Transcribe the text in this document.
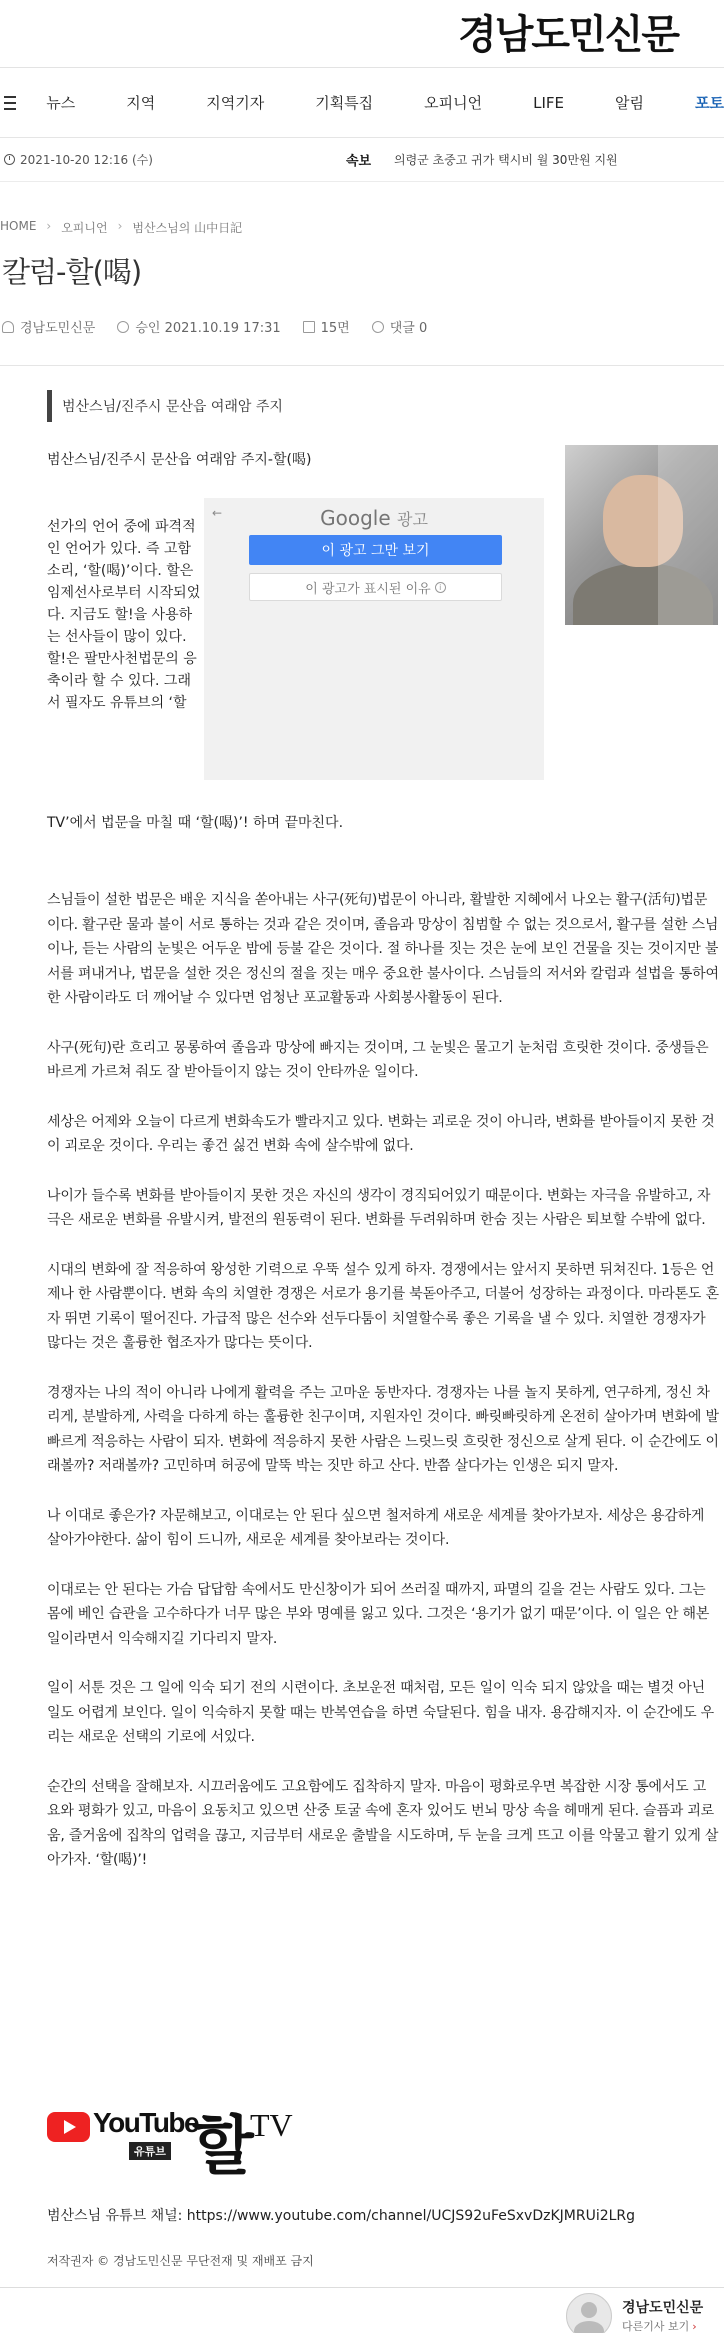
경남도민신문
뉴스	지역	지역기자	기획특집	오피니언	LIFE	알림	포토
2021-10-20 12:16 (수)	속보 의령군 초중고 귀가 택시비 월 30만원 지원
HOME › 오피니언 › 범산스님의 山中日記
칼럼-할(喝)
경남도민신문	승인 2021.10.19 17:31	15면	댓글 0
범산스님/진주시 문산읍 여래암 주지
범산스님/진주시 문산읍 여래암 주지-할(喝)
←	Google 광고
이 광고 그만 보기
이 광고가 표시된 이유	i
선가의 언어 중에 파격적인 언어가 있다. 즉 고함소리, ‘할(喝)’이다. 할은 임제선사로부터 시작되었다. 지금도 할!을 사용하는 선사들이 많이 있다. 할!은 팔만사천법문의 응축이라 할 수 있다. 그래서 필자도 유튜브의 ‘할
TV’에서 법문을 마칠 때 ‘할(喝)’! 하며 끝마친다.

스님들이 설한 법문은 배운 지식을 쏟아내는 사구(死句)법문이 아니라, 활발한 지혜에서 나오는 활구(活句)법문이다. 활구란 물과 불이 서로 통하는 것과 같은 것이며, 졸음과 망상이 침범할 수 없는 것으로서, 활구를 설한 스님이나, 듣는 사람의 눈빛은 어두운 밤에 등불 같은 것이다. 절 하나를 짓는 것은 눈에 보인 건물을 짓는 것이지만 불서를 펴내거나, 법문을 설한 것은 정신의 절을 짓는 매우 중요한 불사이다. 스님들의 저서와 칼럼과 설법을 통하여 한 사람이라도 더 깨어날 수 있다면 엄청난 포교활동과 사회봉사활동이 된다.

사구(死句)란 흐리고 몽롱하여 졸음과 망상에 빠지는 것이며, 그 눈빛은 물고기 눈처럼 흐릿한 것이다. 중생들은 바르게 가르쳐 줘도 잘 받아들이지 않는 것이 안타까운 일이다.

세상은 어제와 오늘이 다르게 변화속도가 빨라지고 있다. 변화는 괴로운 것이 아니라, 변화를 받아들이지 못한 것이 괴로운 것이다. 우리는 좋건 싫건 변화 속에 살수밖에 없다.

나이가 들수록 변화를 받아들이지 못한 것은 자신의 생각이 경직되어있기 때문이다. 변화는 자극을 유발하고, 자극은 새로운 변화를 유발시켜, 발전의 원동력이 된다. 변화를 두려워하며 한숨 짓는 사람은 퇴보할 수밖에 없다.

시대의 변화에 잘 적응하여 왕성한 기력으로 우뚝 설수 있게 하자. 경쟁에서는 앞서지 못하면 뒤쳐진다. 1등은 언제나 한 사람뿐이다. 변화 속의 치열한 경쟁은 서로가 용기를 북돋아주고, 더불어 성장하는 과정이다. 마라톤도 혼자 뛰면 기록이 떨어진다. 가급적 많은 선수와 선두다툼이 치열할수록 좋은 기록을 낼 수 있다. 치열한 경쟁자가 많다는 것은 훌륭한 협조자가 많다는 뜻이다.

경쟁자는 나의 적이 아니라 나에게 활력을 주는 고마운 동반자다. 경쟁자는 나를 놀지 못하게, 연구하게, 정신 차리게, 분발하게, 사력을 다하게 하는 훌륭한 친구이며, 지원자인 것이다. 빠릿빠릿하게 온전히 살아가며 변화에 발 빠르게 적응하는 사람이 되자. 변화에 적응하지 못한 사람은 느릿느릿 흐릿한 정신으로 살게 된다. 이 순간에도 이래볼까? 저래볼까? 고민하며 허공에 말뚝 박는 짓만 하고 산다. 반쯤 살다가는 인생은 되지 말자.

나 이대로 좋은가? 자문해보고, 이대로는 안 된다 싶으면 철저하게 새로운 세계를 찾아가보자. 세상은 용감하게 살아가야한다. 삶이 힘이 드니까, 새로운 세계를 찾아보라는 것이다.

이대로는 안 된다는 가슴 답답함 속에서도 만신창이가 되어 쓰러질 때까지, 파멸의 길을 걷는 사람도 있다. 그는 몸에 베인 습관을 고수하다가 너무 많은 부와 명예를 잃고 있다. 그것은 ‘용기가 없기 때문’이다. 이 일은 안 해본 일이라면서 익숙해지길 기다리지 말자.

일이 서툰 것은 그 일에 익숙 되기 전의 시련이다. 초보운전 때처럼, 모든 일이 익숙 되지 않았을 때는 별것 아닌 일도 어렵게 보인다. 일이 익숙하지 못할 때는 반복연습을 하면 숙달된다. 힘을 내자. 용감해지자. 이 순간에도 우리는 새로운 선택의 기로에 서있다.

순간의 선택을 잘해보자. 시끄러움에도 고요함에도 집착하지 말자. 마음이 평화로우면 복잡한 시장 통에서도 고요와 평화가 있고, 마음이 요동치고 있으면 산중 토굴 속에 혼자 있어도 번뇌 망상 속을 헤매게 된다. 슬픔과 괴로움, 즐거움에 집착의 업력을 끊고, 지금부터 새로운 출발을 시도하며, 두 눈을 크게 뜨고 이를 악물고 활기 있게 살아가자. ‘할(喝)’!

YouTube
유튜브 할
TV
범산스님 유튜브 채널: https://www.youtube.com/channel/UCJS92uFeSxvDzKJMRUi2LRg
저작권자 © 경남도민신문 무단전재 및 재배포 금지
경남도민신문
다른기사 보기 ›
